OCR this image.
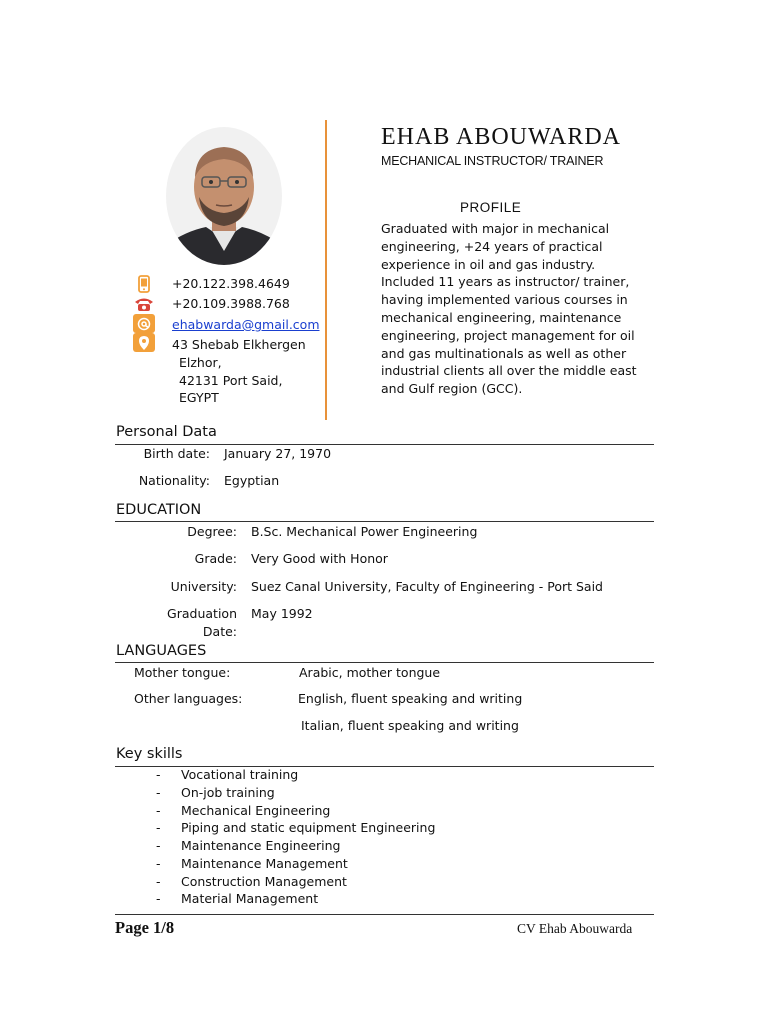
+20.122.398.4649
+20.109.3988.768
ehabwarda@gmail.com
43 Shebab Elkhergen
Elzhor,
42131 Port Said,
EGYPT
EHAB ABOUWARDA
MECHANICAL INSTRUCTOR/ TRAINER
PROFILE
Graduated with major in mechanical
engineering, +24 years of practical
experience in oil and gas industry.
Included 11 years as instructor/ trainer,
having implemented various courses in
mechanical engineering, maintenance
engineering, project management for oil
and gas multinationals as well as other
industrial clients all over the middle east
and Gulf region (GCC).
Personal Data
Birth date: January 27, 1970
Nationality: Egyptian
EDUCATION
Degree: B.Sc. Mechanical Power Engineering
Grade: Very Good with Honor
University: Suez Canal University, Faculty of Engineering - Port Said
Graduation
Date:
May 1992
LANGUAGES
Mother tongue:	Arabic, mother tongue
Other languages:	English, fluent speaking and writing
Italian, fluent speaking and writing
Key skills
- Vocational training
- On-job training
- Mechanical Engineering
- Piping and static equipment Engineering
- Maintenance Engineering
- Maintenance Management
- Construction Management
- Material Management
Page 1/8	CV Ehab Abouwarda
